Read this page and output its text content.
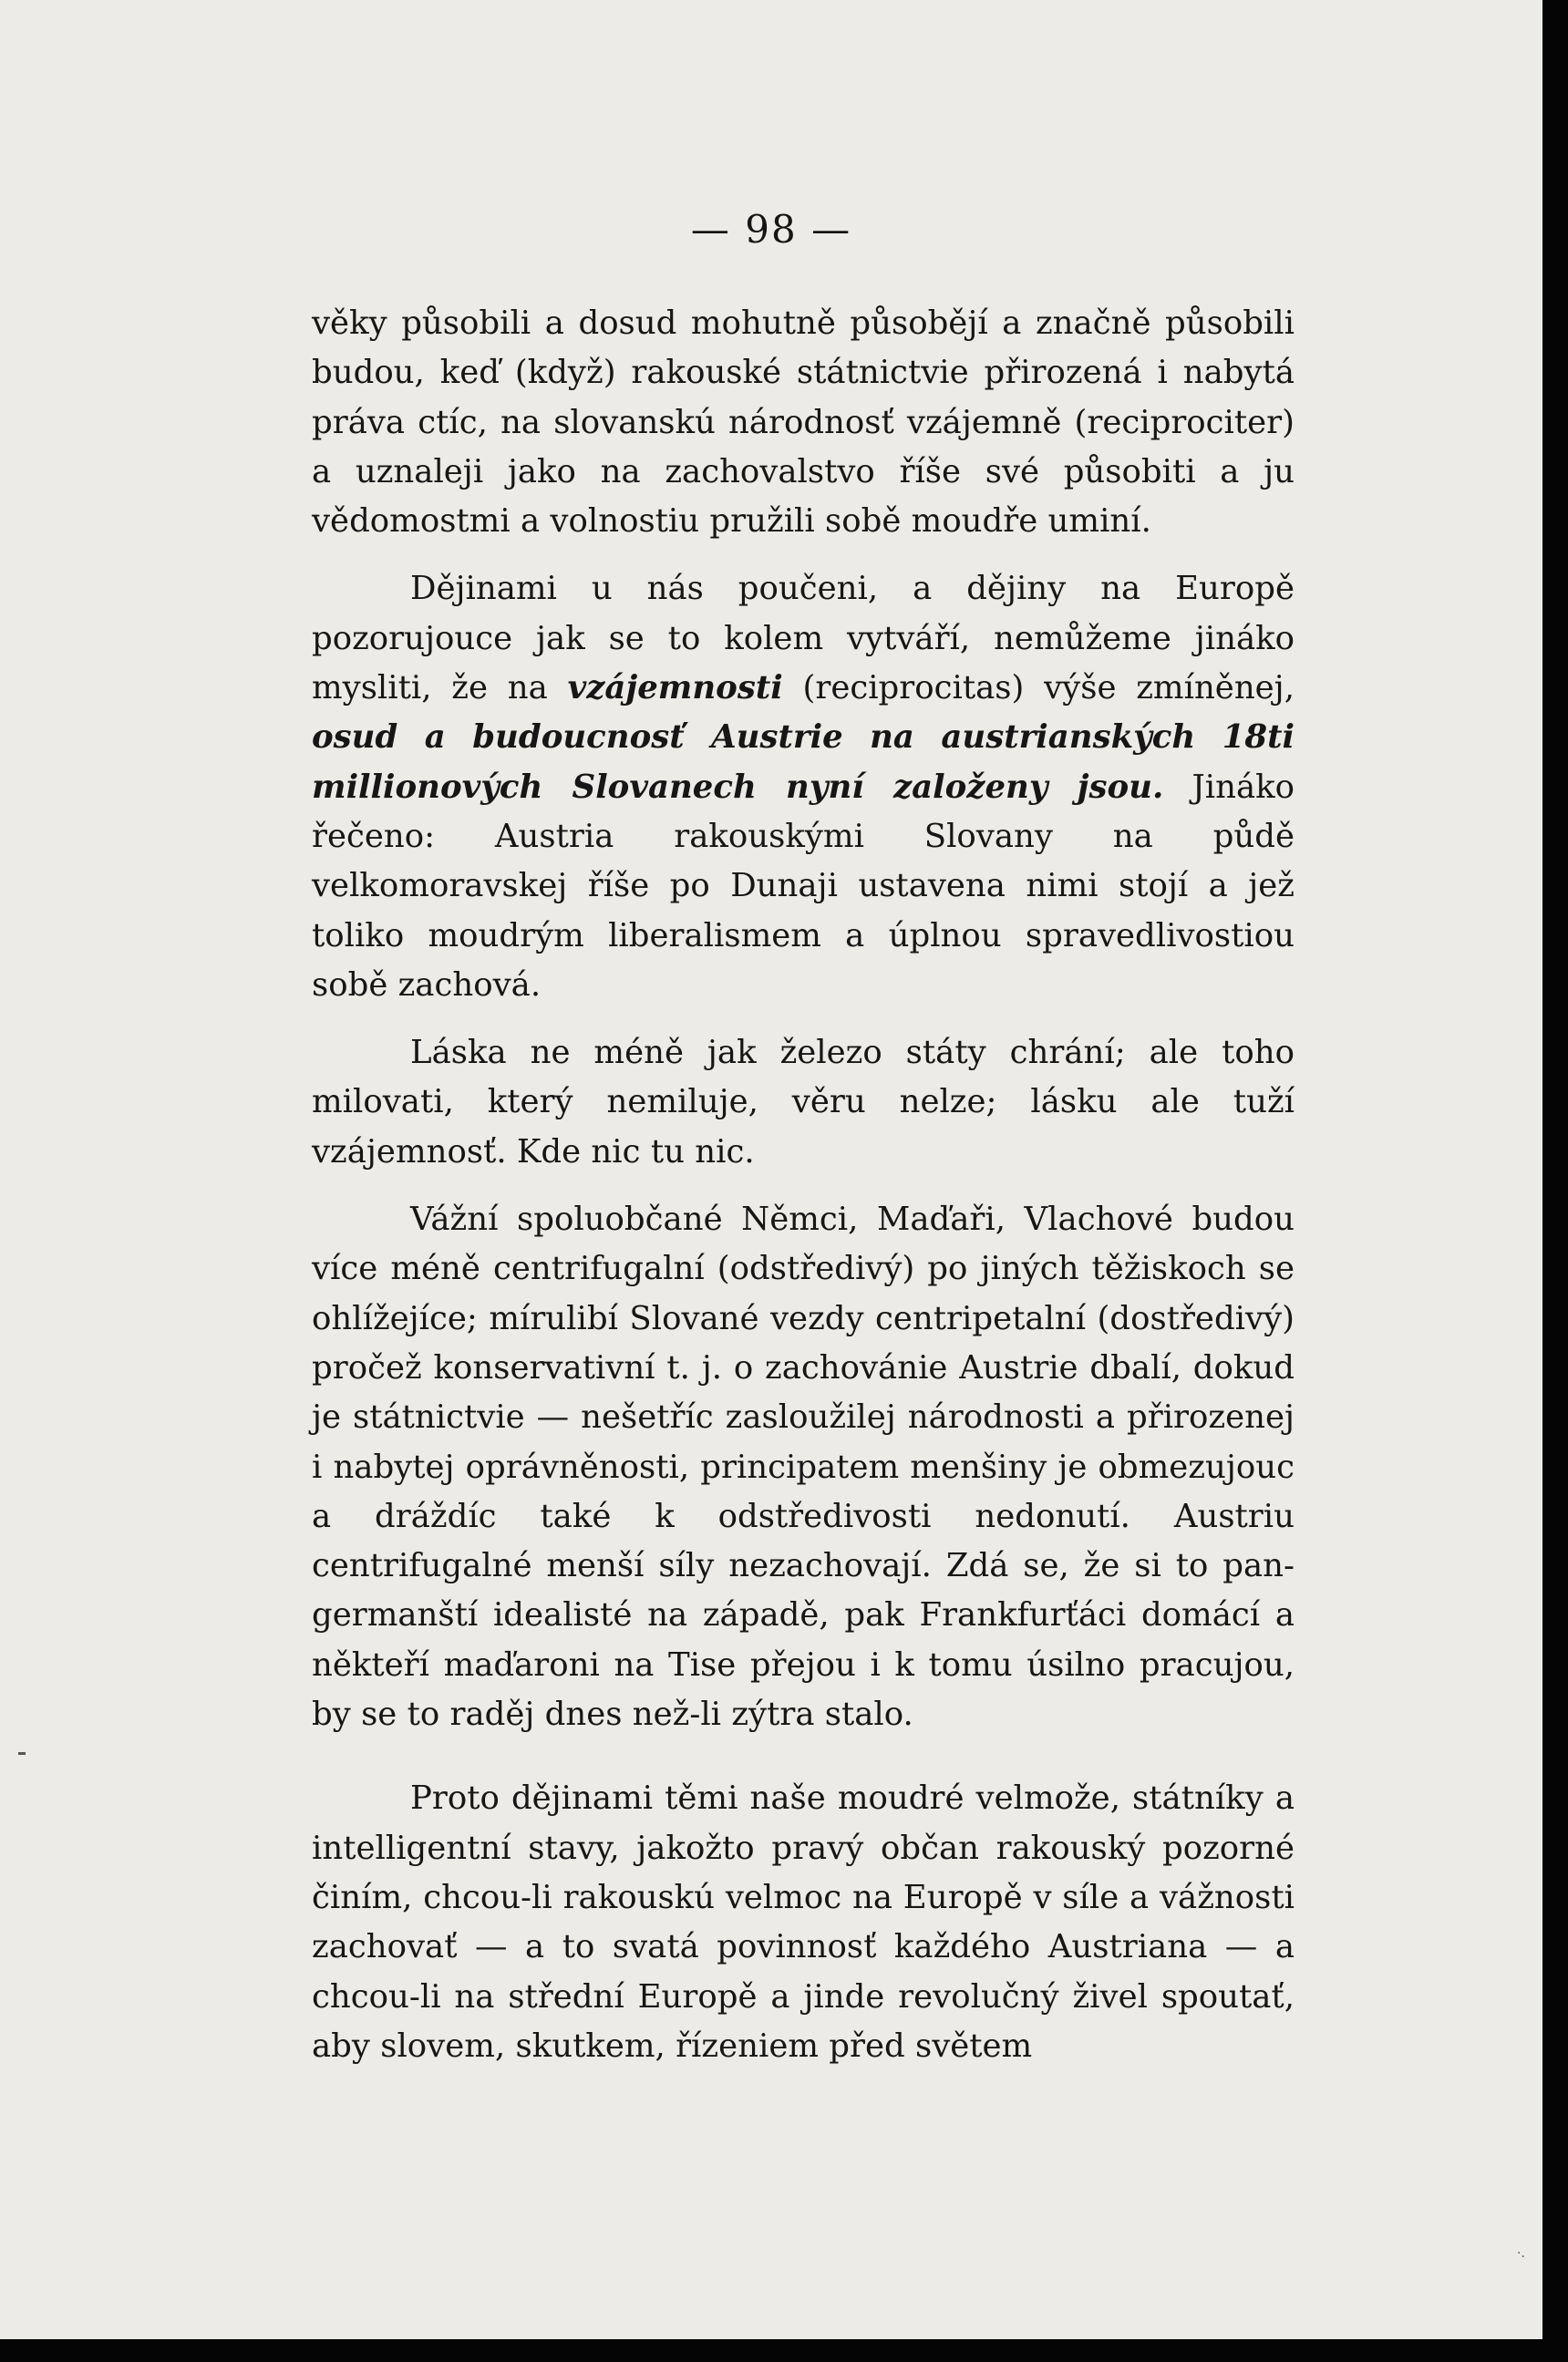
— 98 —

věky působili a dosud mohutně působějí a značně působili budou, keď (když) rakouské státnictvie přirozená i nabytá práva ctíc, na slovanskú národnosť vzájemně (reciprociter) a uznaleji jako na zachovalstvo říše své působiti a ju vědomostmi a volnostiu pružili sobě moudře uminí.

Dějinami u nás poučeni, a dějiny na Europě pozorujouce jak se to kolem vytváří, nemůžeme jináko mysliti, že na vzájemnosti (reciprocitas) výše zmíněnej, osud a budoucnosť Austrie na austrianských 18ti millionových Slovanech nyní založeny jsou. Jináko řečeno: Austria rakouskými Slovany na půdě velkomoravskej říše po Dunaji ustavena nimi stojí a jež toliko moudrým liberalismem a úplnou spravedlivostiou sobě zachová.

Láska ne méně jak železo státy chrání; ale toho milovati, který nemiluje, věru nelze; lásku ale tuží vzájemnosť. Kde nic tu nic.

Vážní spoluobčané Němci, Maďaři, Vlachové budou více méně centrifugalní (odstředivý) po jiných těžiskoch se ohlížejíce; mírulibí Slované vezdy centripetalní (dostředivý) pročež konservativní t. j. o zachovánie Austrie dbalí, dokud je státnictvie — nešetříc zasloužilej národnosti a přirozenej i nabytej oprávněnosti, principatem menšiny je obmezujouc a dráždíc také k odstředivosti nedonutí. Austriu centrifugalné menší síly nezachovají. Zdá se, že si to pan-germanští idealisté na západě, pak Frankfurťáci domácí a někteří maďaroni na Tise přejou i k tomu úsilno pracujou, by se to raděj dnes než-li zýtra stalo.

Proto dějinami těmi naše moudré velmože, státníky a intelligentní stavy, jakožto pravý občan rakouský pozorné činím, chcou-li rakouskú velmoc na Europě v síle a vážnosti zachovať — a to svatá povinnosť každého Austriana — a chcou-li na střední Europě a jinde revolučný živel spoutať, aby slovem, skutkem, řízeniem před světem

·.
